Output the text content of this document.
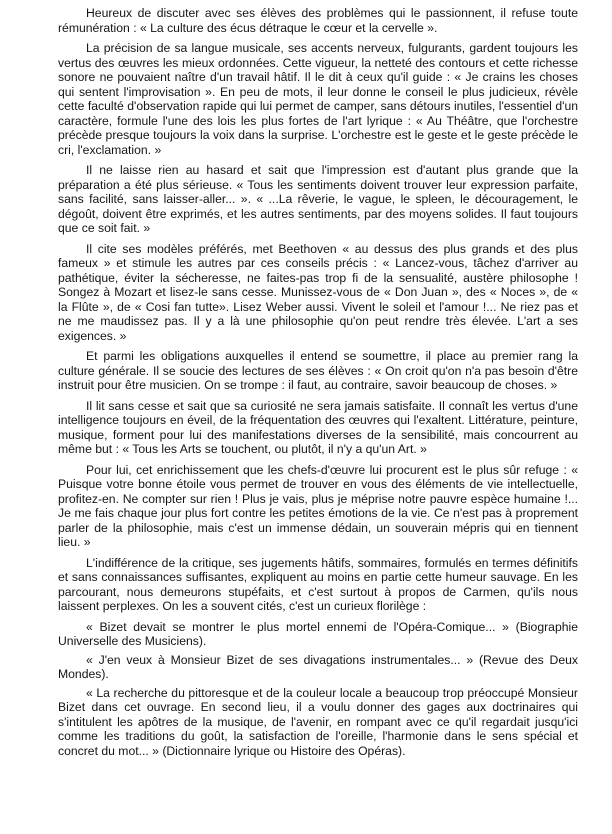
Heureux de discuter avec ses élèves des problèmes qui le passionnent, il refuse toute rémunération : « La culture des écus détraque le cœur et la cervelle ».

La précision de sa langue musicale, ses accents nerveux, fulgurants, gardent toujours les vertus des œuvres les mieux ordonnées. Cette vigueur, la netteté des contours et cette richesse sonore ne pouvaient naître d'un travail hâtif. Il le dit à ceux qu'il guide : « Je crains les choses qui sentent l'improvisation ». En peu de mots, il leur donne le conseil le plus judicieux, révèle cette faculté d'observation rapide qui lui permet de camper, sans détours inutiles, l'essentiel d'un caractère, formule l'une des lois les plus fortes de l'art lyrique : « Au Théâtre, que l'orchestre précède presque toujours la voix dans la surprise. L'orchestre est le geste et le geste précède le cri, l'exclamation. »

Il ne laisse rien au hasard et sait que l'impression est d'autant plus grande que la préparation a été plus sérieuse. « Tous les sentiments doivent trouver leur expression parfaite, sans facilité, sans laisser-aller... ». « ...La rêverie, le vague, le spleen, le découragement, le dégoût, doivent être exprimés, et les autres sentiments, par des moyens solides. Il faut toujours que ce soit fait. »

Il cite ses modèles préférés, met Beethoven « au dessus des plus grands et des plus fameux » et stimule les autres par ces conseils précis : « Lancez-vous, tâchez d'arriver au pathétique, éviter la sécheresse, ne faites-pas trop fi de la sensualité, austère philosophe ! Songez à Mozart et lisez-le sans cesse. Munissez-vous de « Don Juan », des « Noces », de « la Flûte », de « Cosi fan tutte». Lisez Weber aussi. Vivent le soleil et l'amour !... Ne riez pas et ne me maudissez pas. Il y a là une philosophie qu'on peut rendre très élevée. L'art a ses exigences. »

Et parmi les obligations auxquelles il entend se soumettre, il place au premier rang la culture générale. Il se soucie des lectures de ses élèves : « On croit qu'on n'a pas besoin d'être instruit pour être musicien. On se trompe : il faut, au contraire, savoir beaucoup de choses. »

Il lit sans cesse et sait que sa curiosité ne sera jamais satisfaite. Il connaît les vertus d'une intelligence toujours en éveil, de la fréquentation des œuvres qui l'exaltent. Littérature, peinture, musique, forment pour lui des manifestations diverses de la sensibilité, mais concourrent au même but : « Tous les Arts se touchent, ou plutôt, il n'y a qu'un Art. »

Pour lui, cet enrichissement que les chefs-d'œuvre lui procurent est le plus sûr refuge : « Puisque votre bonne étoile vous permet de trouver en vous des éléments de vie intellectuelle, profitez-en. Ne compter sur rien ! Plus je vais, plus je méprise notre pauvre espèce humaine !... Je me fais chaque jour plus fort contre les petites émotions de la vie. Ce n'est pas à proprement parler de la philosophie, mais c'est un immense dédain, un souverain mépris qui en tiennent lieu. »

L'indifférence de la critique, ses jugements hâtifs, sommaires, formulés en termes définitifs et sans connaissances suffisantes, expliquent au moins en partie cette humeur sauvage. En les parcourant, nous demeurons stupéfaits, et c'est surtout à propos de Carmen, qu'ils nous laissent perplexes. On les a souvent cités, c'est un curieux florilège :

« Bizet devait se montrer le plus mortel ennemi de l'Opéra-Comique... » (Biographie Universelle des Musiciens).

« J'en veux à Monsieur Bizet de ses divagations instrumentales... » (Revue des Deux Mondes).

« La recherche du pittoresque et de la couleur locale a beaucoup trop préoccupé Monsieur Bizet dans cet ouvrage. En second lieu, il a voulu donner des gages aux doctrinaires qui s'intitulent les apôtres de la musique, de l'avenir, en rompant avec ce qu'il regardait jusqu'ici comme les traditions du goût, la satisfaction de l'oreille, l'harmonie dans le sens spécial et concret du mot... » (Dictionnaire lyrique ou Histoire des Opéras).
